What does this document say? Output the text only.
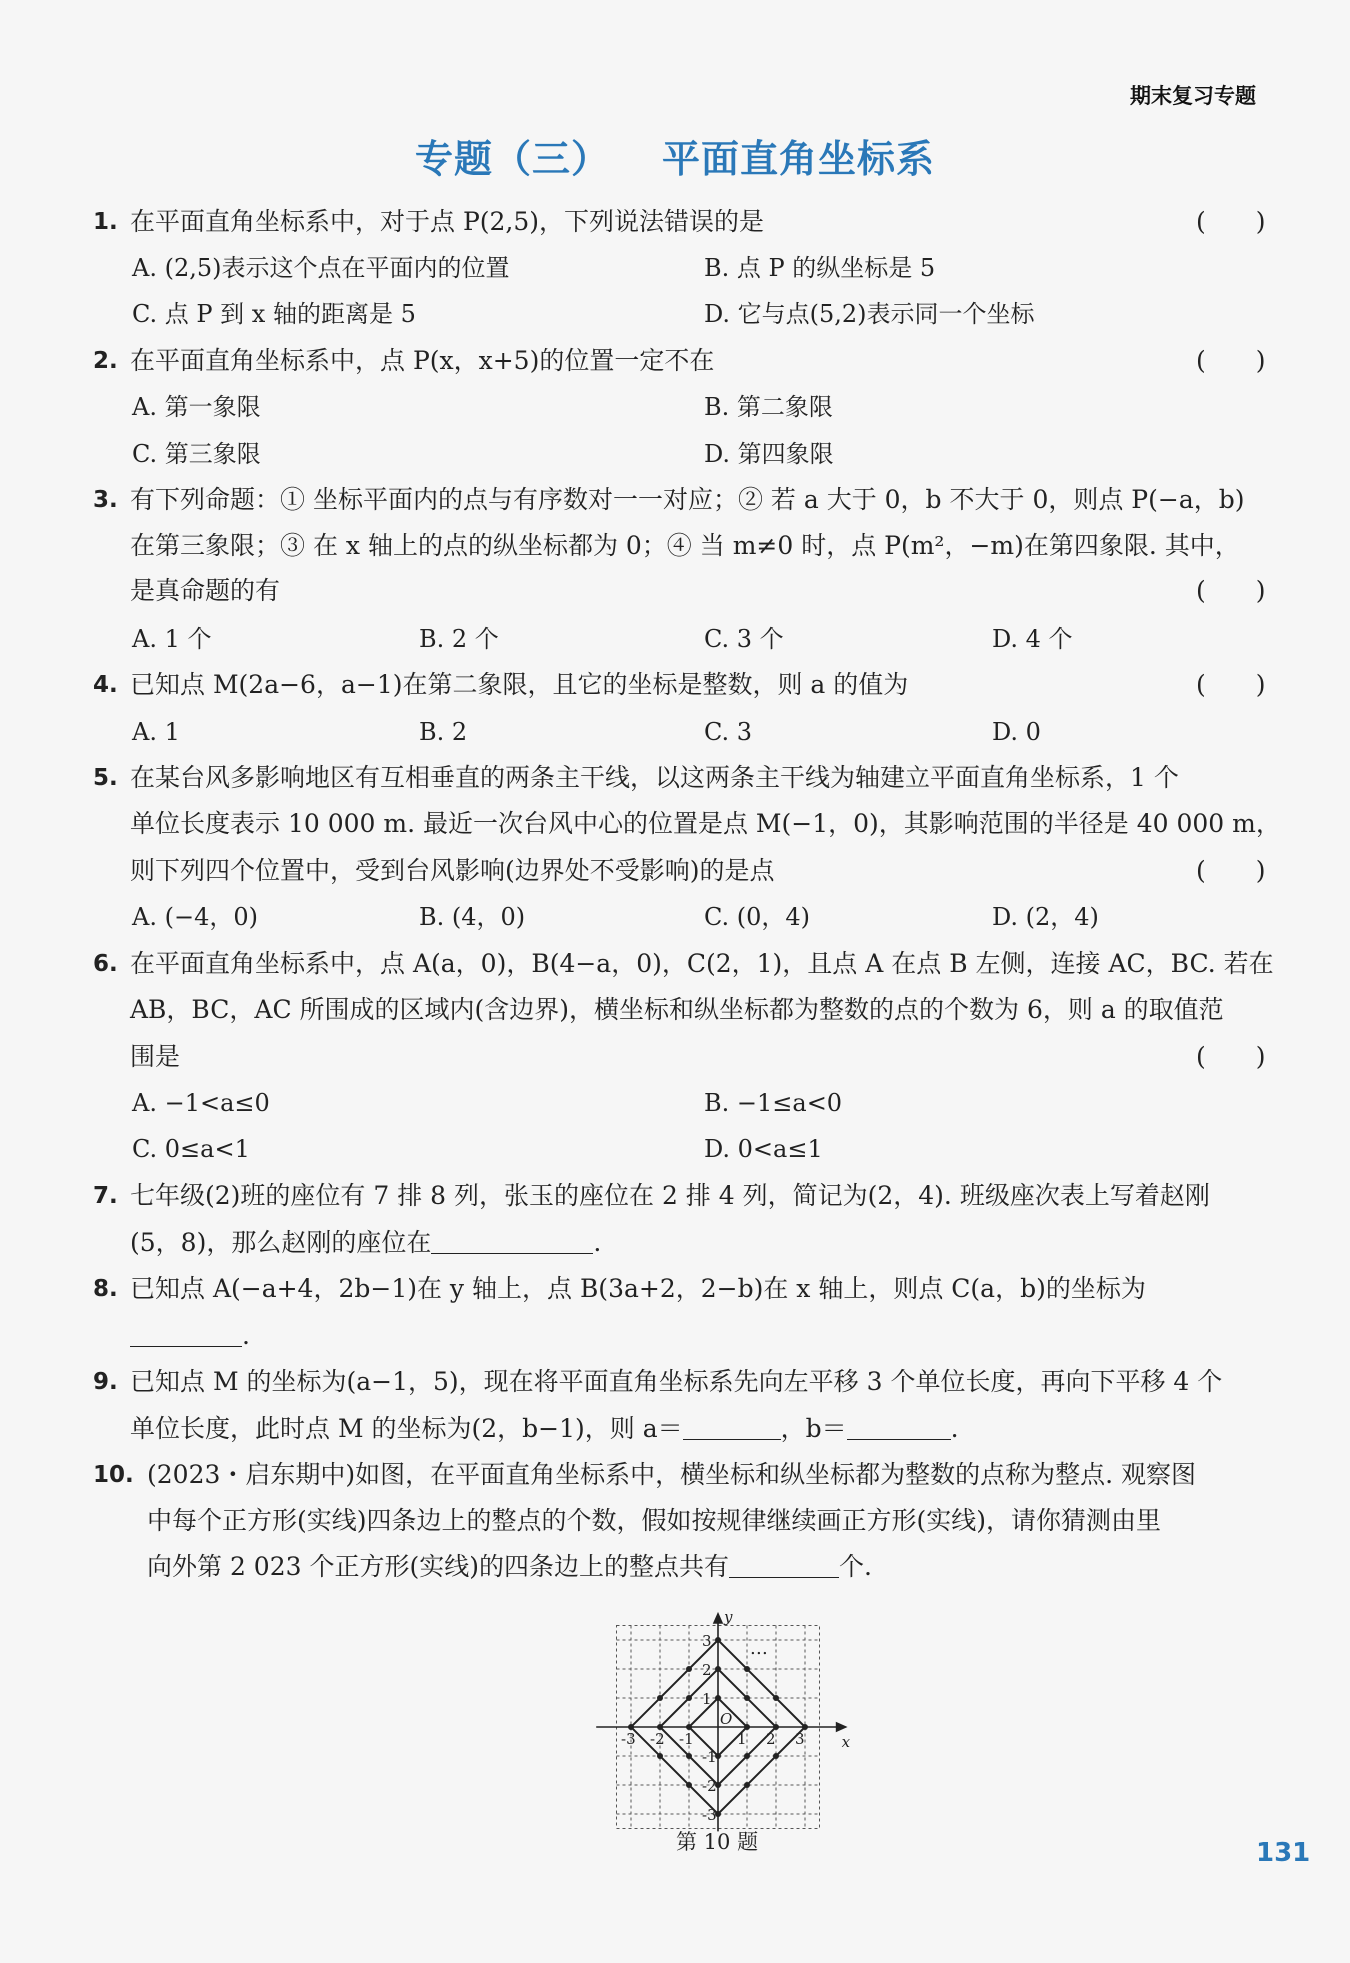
期末复习专题
专题（三） 平面直角坐标系
1. 在平面直角坐标系中，对于点 P(2,5)，下列说法错误的是	(　　)
A. (2,5)表示这个点在平面内的位置	B. 点 P 的纵坐标是 5
C. 点 P 到 x 轴的距离是 5	D. 它与点(5,2)表示同一个坐标
2. 在平面直角坐标系中，点 P(x，x+5)的位置一定不在	(　　)
A. 第一象限	B. 第二象限
C. 第三象限	D. 第四象限
3. 有下列命题：① 坐标平面内的点与有序数对一一对应；② 若 a 大于 0，b 不大于 0，则点 P(−a，b)
在第三象限；③ 在 x 轴上的点的纵坐标都为 0；④ 当 m≠0 时，点 P(m²，−m)在第四象限. 其中，
是真命题的有	(　　)
A. 1 个	B. 2 个	C. 3 个	D. 4 个
4. 已知点 M(2a−6，a−1)在第二象限，且它的坐标是整数，则 a 的值为	(　　)
A. 1	B. 2	C. 3	D. 0
5. 在某台风多影响地区有互相垂直的两条主干线，以这两条主干线为轴建立平面直角坐标系，1 个
单位长度表示 10 000 m. 最近一次台风中心的位置是点 M(−1，0)，其影响范围的半径是 40 000 m，
则下列四个位置中，受到台风影响(边界处不受影响)的是点	(　　)
A. (−4，0)	B. (4，0)	C. (0，4)	D. (2，4)
6. 在平面直角坐标系中，点 A(a，0)，B(4−a，0)，C(2，1)，且点 A 在点 B 左侧，连接 AC，BC. 若在
AB，BC，AC 所围成的区域内(含边界)，横坐标和纵坐标都为整数的点的个数为 6，则 a 的取值范
围是	(　　)
A. −1<a≤0	B. −1≤a<0
C. 0≤a<1	D. 0<a≤1
7. 七年级(2)班的座位有 7 排 8 列，张玉的座位在 2 排 4 列，简记为(2，4). 班级座次表上写着赵刚
(5，8)，那么赵刚的座位在	.
8. 已知点 A(−a+4，2b−1)在 y 轴上，点 B(3a+2，2−b)在 x 轴上，则点 C(a，b)的坐标为
.
9. 已知点 M 的坐标为(a−1，5)，现在将平面直角坐标系先向左平移 3 个单位长度，再向下平移 4 个
单位长度，此时点 M 的坐标为(2，b−1)，则 a＝	，b＝	.
10. (2023・启东期中)如图，在平面直角坐标系中，横坐标和纵坐标都为整数的点称为整点. 观察图
中每个正方形(实线)四条边上的整点的个数，假如按规律继续画正方形(实线)，请你猜测由里
向外第 2 023 个正方形(实线)的四条边上的整点共有	个.
-3 -2 -1	1 2 3
3
2
1
-1
-2
-3
x
y
O
…
第 10 题	131
